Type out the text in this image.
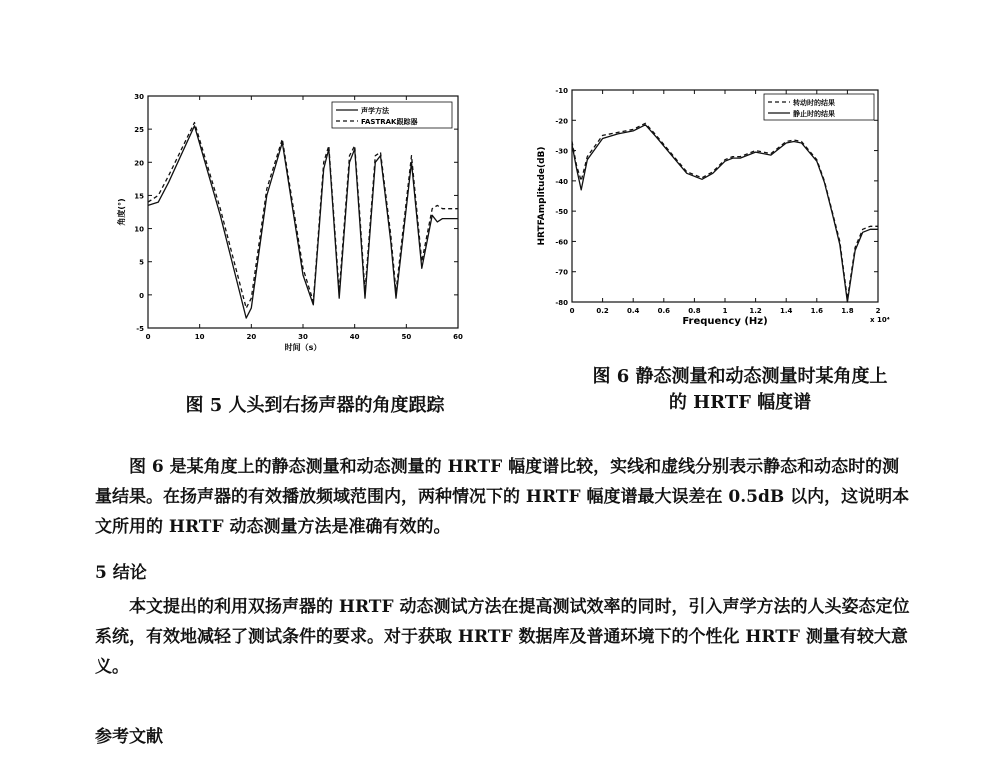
0	10	20	30	40	50	60
-5
0
5
10
15
20
25
30
时间（s）
角度(°)
声学方法
FASTRAK跟踪器
图 5 人头到右扬声器的角度跟踪
0	0.2	0.4	0.6	0.8	1	1.2	1.4	1.6	1.8	2
-10
-20
-30
-40
-50
-60
-70
-80
Frequency (Hz)
HRTFAmplitude(dB)
转动时的结果
静止时的结果
x 10⁴
图 6 静态测量和动态测量时某角度上
的 HRTF 幅度谱

图 6 是某角度上的静态测量和动态测量的 HRTF 幅度谱比较，实线和虚线分别表示静态和动态时的测量结果。在扬声器的有效播放频域范围内，两种情况下的 HRTF 幅度谱最大误差在 0.5dB 以内，这说明本文所用的 HRTF 动态测量方法是准确有效的。

5 结论

本文提出的利用双扬声器的 HRTF 动态测试方法在提高测试效率的同时，引入声学方法的人头姿态定位系统，有效地减轻了测试条件的要求。对于获取 HRTF 数据库及普通环境下的个性化 HRTF 测量有较大意义。

参考文献
